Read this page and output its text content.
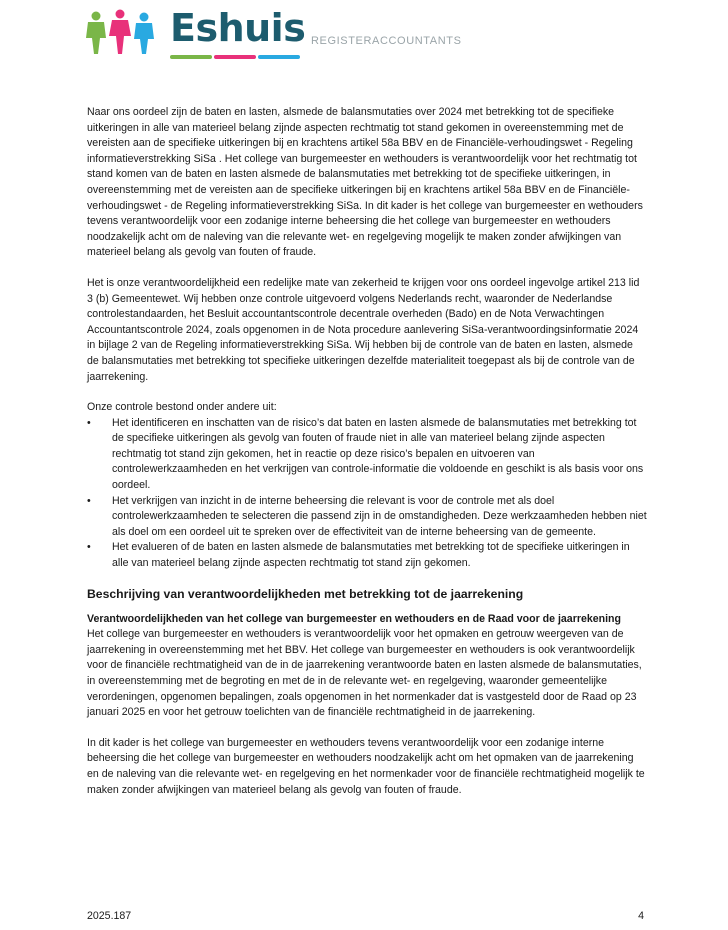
Eshuis REGISTERACCOUNTANTS

Naar ons oordeel zijn de baten en lasten, alsmede de balansmutaties over 2024 met betrekking tot de specifieke uitkeringen in alle van materieel belang zijnde aspecten rechtmatig tot stand gekomen in overeenstemming met de vereisten aan de specifieke uitkeringen bij en krachtens artikel 58a BBV en de Financiële-verhoudingswet - Regeling informatieverstrekking SiSa . Het college van burgemeester en wethouders is verantwoordelijk voor het rechtmatig tot stand komen van de baten en lasten alsmede de balansmutaties met betrekking tot de specifieke uitkeringen, in overeenstemming met de vereisten aan de specifieke uitkeringen bij en krachtens artikel 58a BBV en de Financiële-verhoudingswet - de Regeling informatieverstrekking SiSa. In dit kader is het college van burgemeester en wethouders tevens verantwoordelijk voor een zodanige interne beheersing die het college van burgemeester en wethouders noodzakelijk acht om de naleving van die relevante wet- en regelgeving mogelijk te maken zonder afwijkingen van materieel belang als gevolg van fouten of fraude.

Het is onze verantwoordelijkheid een redelijke mate van zekerheid te krijgen voor ons oordeel ingevolge artikel 213 lid 3 (b) Gemeentewet. Wij hebben onze controle uitgevoerd volgens Nederlands recht, waaronder de Nederlandse controlestandaarden, het Besluit accountantscontrole decentrale overheden (Bado) en de Nota Verwachtingen Accountantscontrole 2024, zoals opgenomen in de Nota procedure aanlevering SiSa-verantwoordingsinformatie 2024 in bijlage 2 van de Regeling informatieverstrekking SiSa. Wij hebben bij de controle van de baten en lasten, alsmede de balansmutaties met betrekking tot specifieke uitkeringen dezelfde materialiteit toegepast als bij de controle van de jaarrekening.

Onze controle bestond onder andere uit:

• Het identificeren en inschatten van de risico’s dat baten en lasten alsmede de balansmutaties met betrekking tot de specifieke uitkeringen als gevolg van fouten of fraude niet in alle van materieel belang zijnde aspecten rechtmatig tot stand zijn gekomen, het in reactie op deze risico’s bepalen en uitvoeren van controlewerkzaamheden en het verkrijgen van controle-informatie die voldoende en geschikt is als basis voor ons oordeel.
• Het verkrijgen van inzicht in de interne beheersing die relevant is voor de controle met als doel controlewerkzaamheden te selecteren die passend zijn in de omstandigheden. Deze werkzaamheden hebben niet als doel om een oordeel uit te spreken over de effectiviteit van de interne beheersing van de gemeente.
• Het evalueren of de baten en lasten alsmede de balansmutaties met betrekking tot de specifieke uitkeringen in alle van materieel belang zijnde aspecten rechtmatig tot stand zijn gekomen.
Beschrijving van verantwoordelijkheden met betrekking tot de jaarrekening

Verantwoordelijkheden van het college van burgemeester en wethouders en de Raad voor de jaarrekening

Het college van burgemeester en wethouders is verantwoordelijk voor het opmaken en getrouw weergeven van de jaarrekening in overeenstemming met het BBV. Het college van burgemeester en wethouders is ook verantwoordelijk voor de financiële rechtmatigheid van de in de jaarrekening verantwoorde baten en lasten alsmede de balansmutaties, in overeenstemming met de begroting en met de in de relevante wet- en regelgeving, waaronder gemeentelijke verordeningen, opgenomen bepalingen, zoals opgenomen in het normenkader dat is vastgesteld door de Raad op 23 januari 2025 en voor het getrouw toelichten van de financiële rechtmatigheid in de jaarrekening.

In dit kader is het college van burgemeester en wethouders tevens verantwoordelijk voor een zodanige interne beheersing die het college van burgemeester en wethouders noodzakelijk acht om het opmaken van de jaarrekening en de naleving van die relevante wet- en regelgeving en het normenkader voor de financiële rechtmatigheid mogelijk te maken zonder afwijkingen van materieel belang als gevolg van fouten of fraude.

2025.187	4
